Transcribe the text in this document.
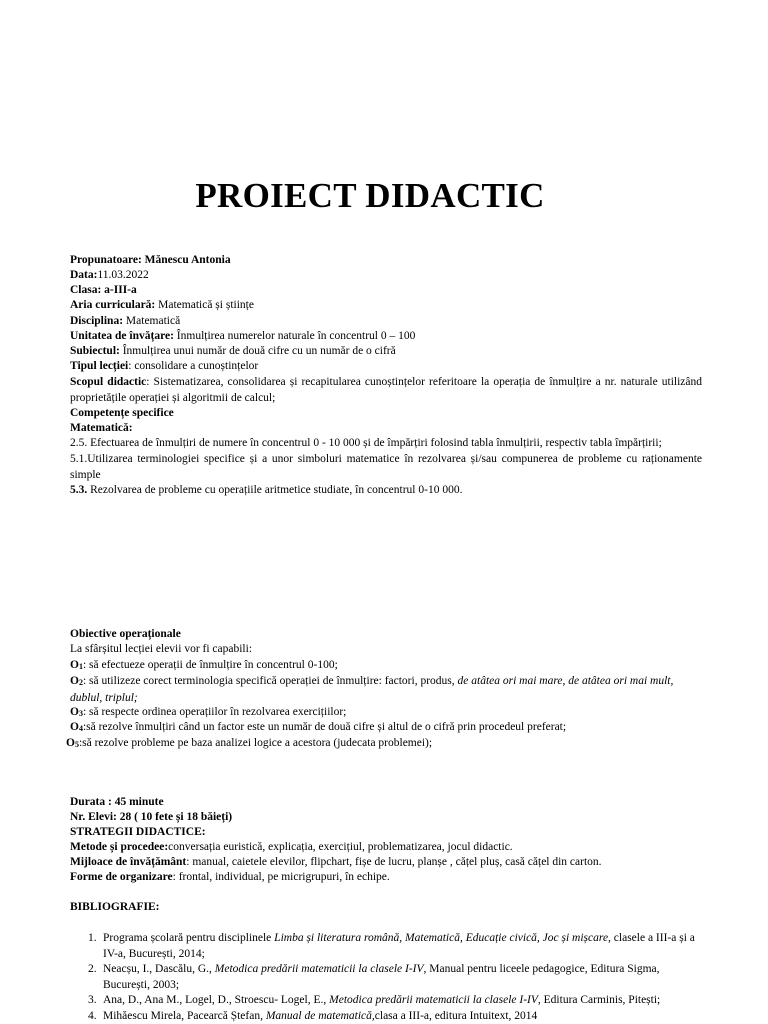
PROIECT DIDACTIC
Propunatoare: Mănescu Antonia
Data:11.03.2022
Clasa: a-III-a
Aria curriculară: Matematică și științe
Disciplina: Matematică
Unitatea de învățare: Înmulțirea numerelor naturale în concentrul 0 – 100
Subiectul: Înmulțirea unui număr de două cifre cu un număr de o cifră
Tipul lecției: consolidare a cunoștințelor
Scopul didactic: Sistematizarea, consolidarea și recapitularea cunoștințelor referitoare la operația de înmulțire a nr. naturale utilizând proprietățile operației și algoritmii de calcul;
Competențe specifice
Matematică:
2.5. Efectuarea de înmulțiri de numere în concentrul 0 - 10 000 și de împărțiri folosind tabla înmulțirii, respectiv tabla împărțirii;
5.1.Utilizarea terminologiei specifice și a unor simboluri matematice în rezolvarea și/sau compunerea de probleme cu raționamente simple
5.3. Rezolvarea de probleme cu operațiile aritmetice studiate, în concentrul 0-10 000.
Obiective operaționale
La sfârșitul lecției elevii vor fi capabili:
$O_1$: să efectueze operații de înmulțire în concentrul 0-100;
$O_2$: să utilizeze corect terminologia specifică operației de înmulțire: factori, produs, de atâtea ori mai mare, de atâtea ori mai mult, dublul, triplul;
$O_3$: să respecte ordinea operațiilor în rezolvarea exercițiilor;
$O_4:să$ rezolve înmulțiri când un factor este un număr de două cifre și altul de o cifră prin procedeul preferat;
$O_5:să$ rezolve probleme pe baza analizei logice a acestora (judecata problemei);
Durata : 45 minute
Nr. Elevi: 28 ( 10 fete și 18 băieți)
STRATEGII DIDACTICE:
Metode și procedee:conversația euristică, explicația, exercițiul, problematizarea, jocul didactic.
Mijloace de învățământ: manual, caietele elevilor, flipchart, fișe de lucru, planșe , cățel pluș, casă cățel din carton.
Forme de organizare: frontal, individual, pe micrigrupuri, în echipe.
BIBLIOGRAFIE:
1. Programa școlară pentru disciplinele Limba și literatura română, Matematică, Educație civică, Joc și mișcare, clasele a III-a și a IV-a, București, 2014;
2. Neacșu, I., Dascălu, G., Metodica predării matematicii la clasele I-IV, Manual pentru liceele pedagogice, Editura Sigma, București, 2003;
3. Ana, D., Ana M., Logel, D., Stroescu- Logel, E., Metodica predării matematicii la clasele I-IV, Editura Carminis, Pitești;
4. Mihăescu Mirela, Pacearcă Ștefan, Manual de matematică,clasa a III-a, editura Intuitext, 2014
